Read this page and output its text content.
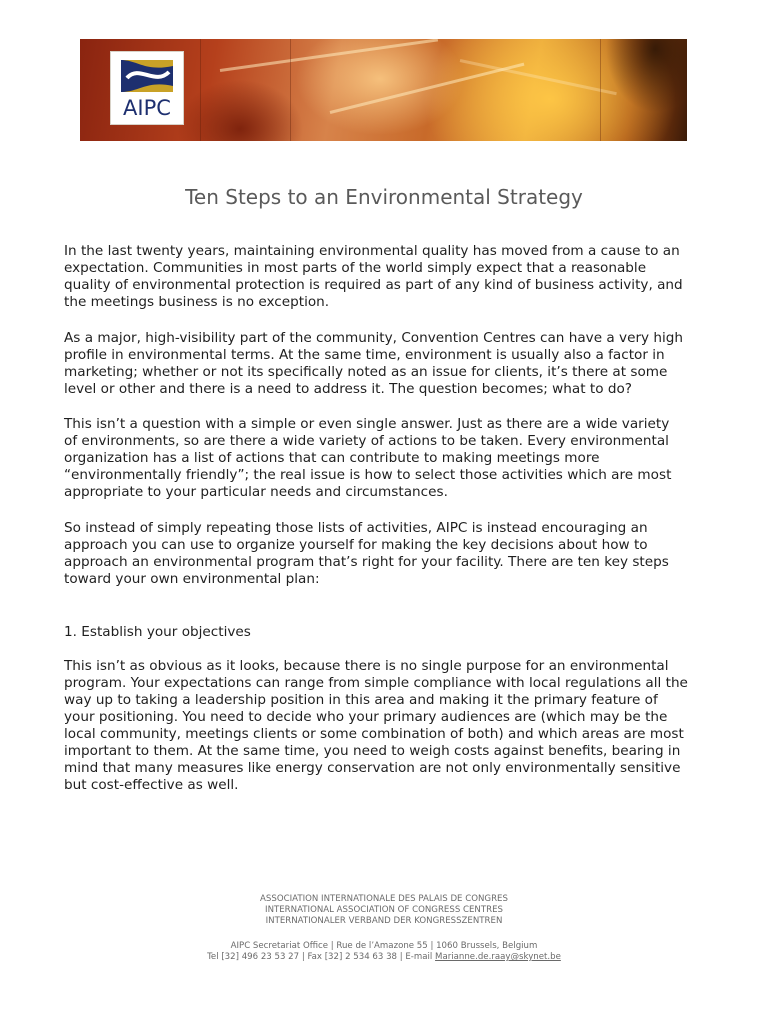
AIPC
Ten Steps to an Environmental Strategy

In the last twenty years, maintaining environmental quality has moved from a cause to an
expectation. Communities in most parts of the world simply expect that a reasonable
quality of environmental protection is required as part of any kind of business activity, and
the meetings business is no exception.

As a major, high-visibility part of the community, Convention Centres can have a very high
profile in environmental terms. At the same time, environment is usually also a factor in
marketing; whether or not its specifically noted as an issue for clients, it’s there at some
level or other and there is a need to address it. The question becomes; what to do?

This isn’t a question with a simple or even single answer. Just as there are a wide variety
of environments, so are there a wide variety of actions to be taken. Every environmental
organization has a list of actions that can contribute to making meetings more
“environmentally friendly”; the real issue is how to select those activities which are most
appropriate to your particular needs and circumstances.

So instead of simply repeating those lists of activities, AIPC is instead encouraging an
approach you can use to organize yourself for making the key decisions about how to
approach an environmental program that’s right for your facility. There are ten key steps
toward your own environmental plan:

1. Establish your objectives

This isn’t as obvious as it looks, because there is no single purpose for an environmental
program. Your expectations can range from simple compliance with local regulations all the
way up to taking a leadership position in this area and making it the primary feature of
your positioning. You need to decide who your primary audiences are (which may be the
local community, meetings clients or some combination of both) and which areas are most
important to them. At the same time, you need to weigh costs against benefits, bearing in
mind that many measures like energy conservation are not only environmentally sensitive
but cost-effective as well.

ASSOCIATION INTERNATIONALE DES PALAIS DE CONGRES
INTERNATIONAL ASSOCIATION OF CONGRESS CENTRES
INTERNATIONALER VERBAND DER KONGRESSZENTREN
AIPC Secretariat Office | Rue de l’Amazone 55 | 1060 Brussels, Belgium
Tel [32] 496 23 53 27 | Fax [32] 2 534 63 38 | E-mail Marianne.de.raay@skynet.be
